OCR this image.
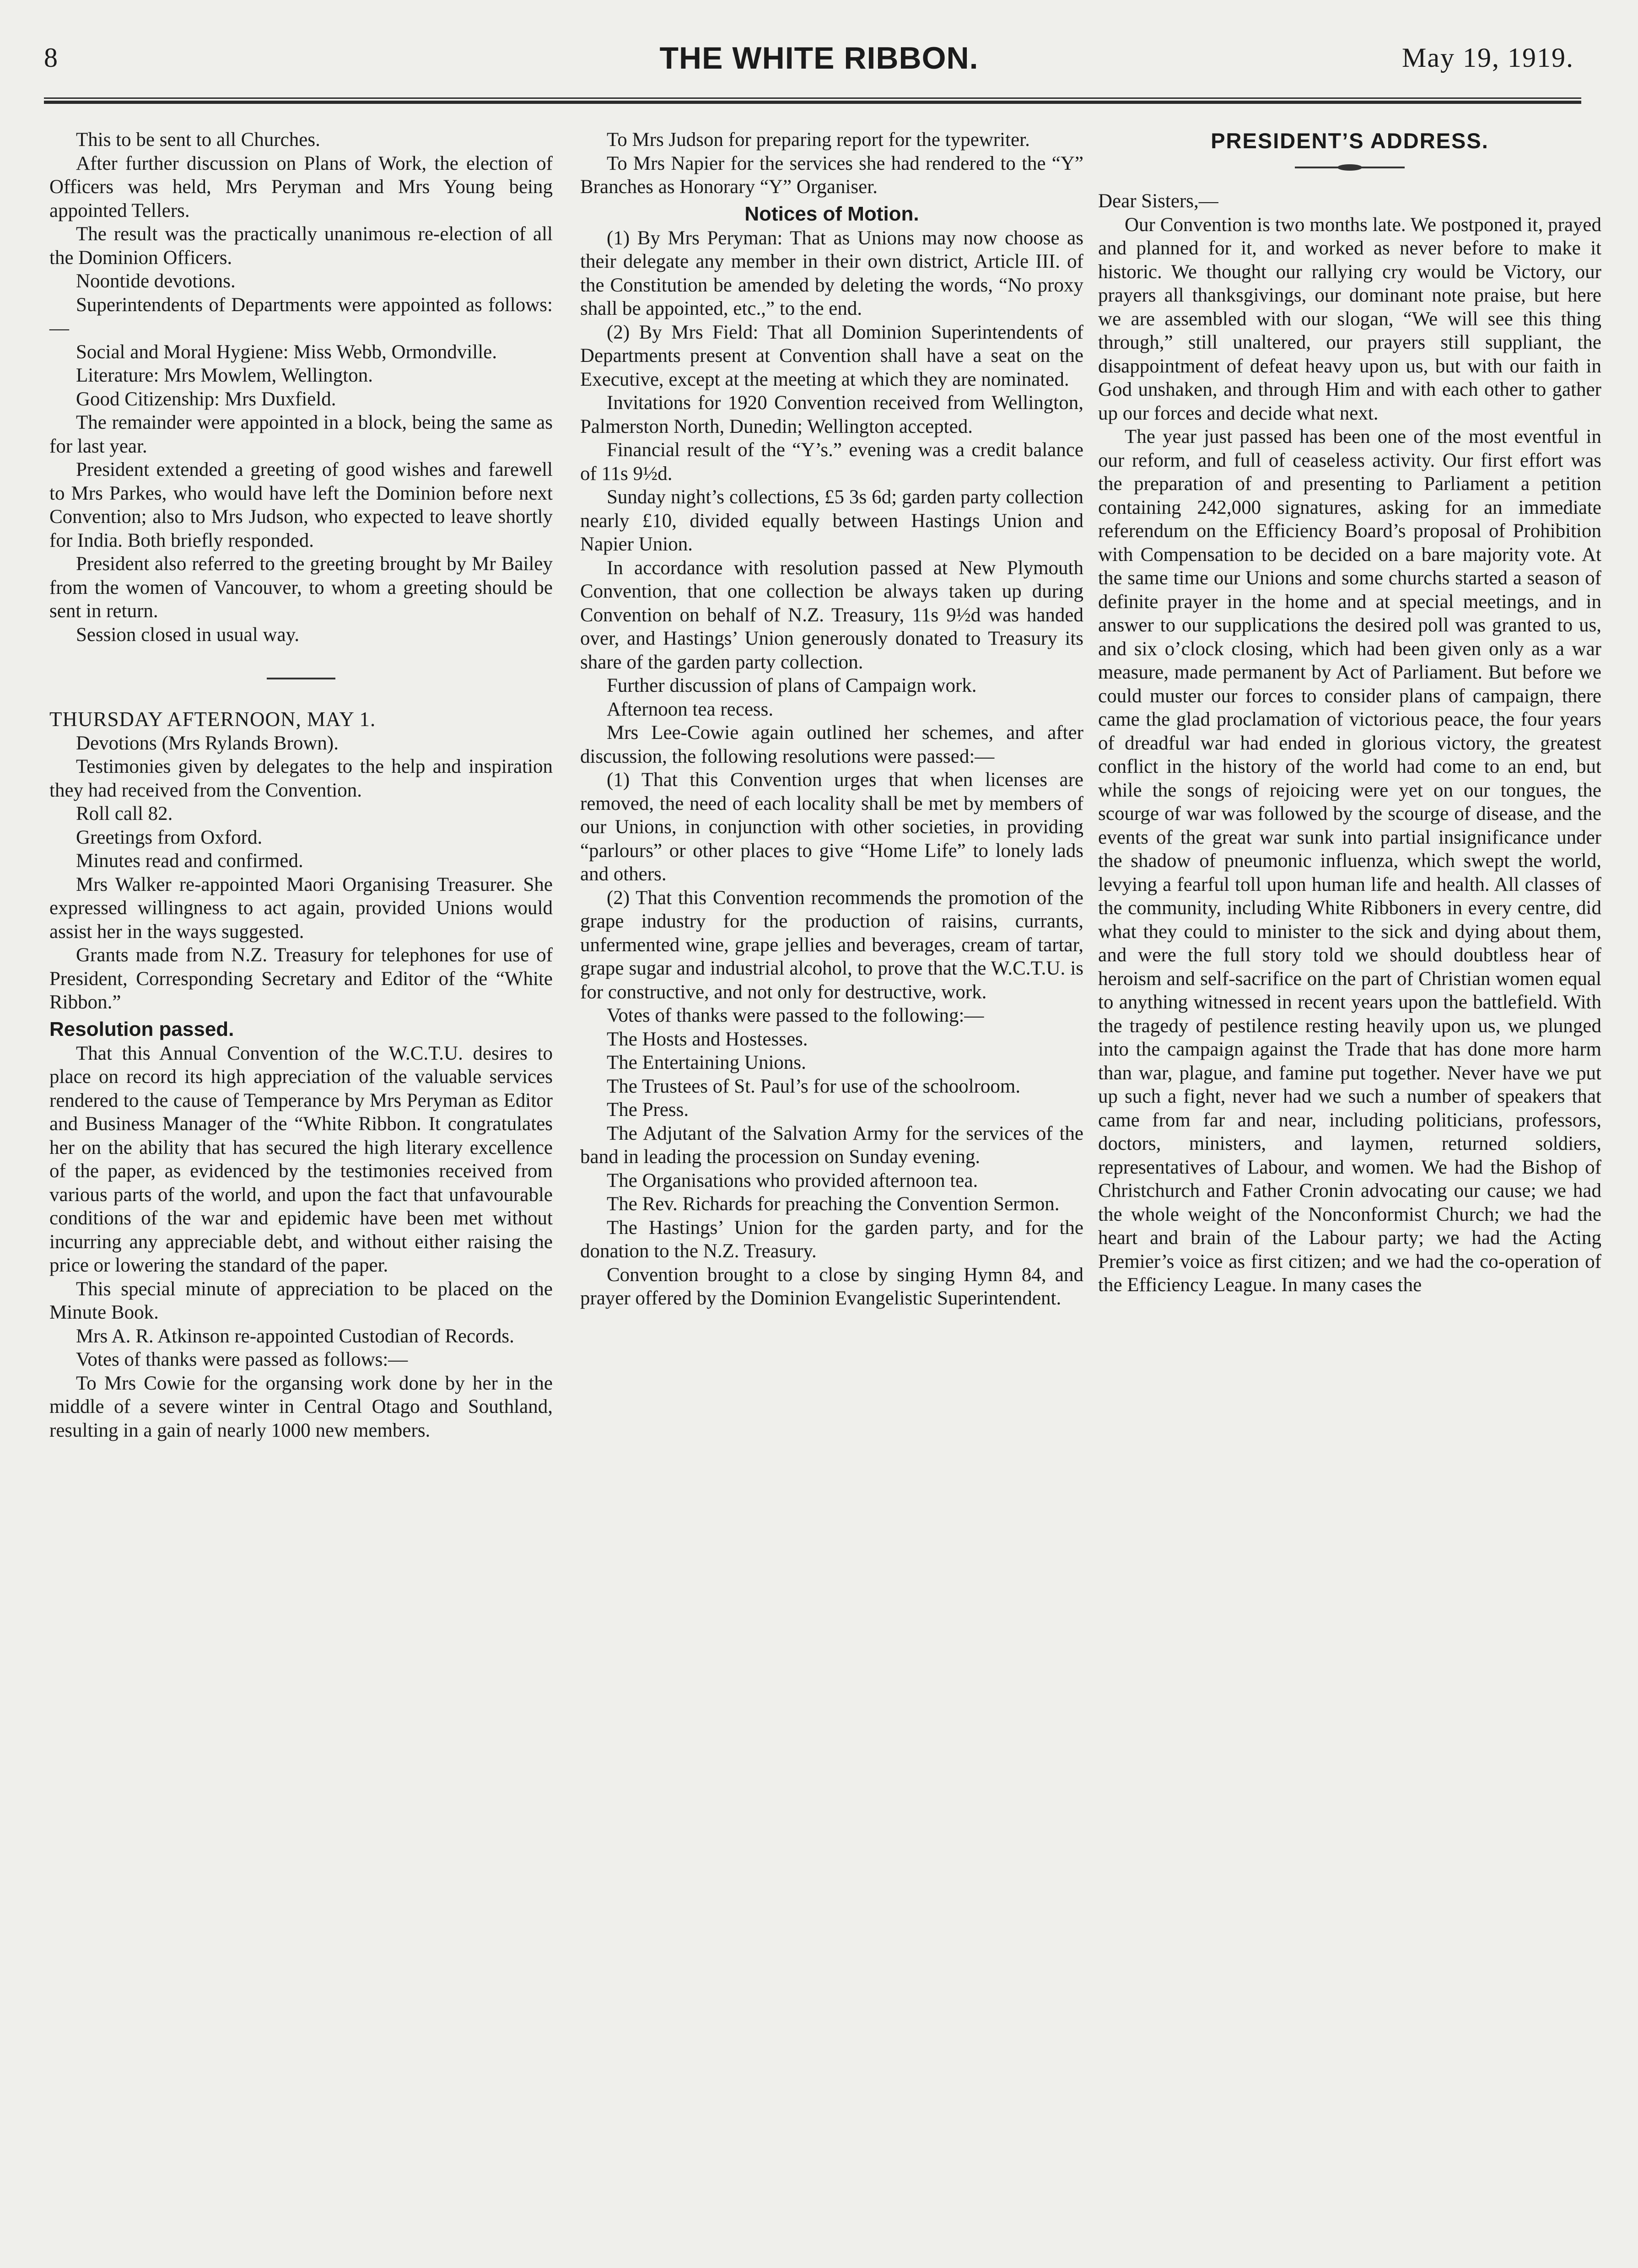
8	THE WHITE RIBBON.	May 19, 1919.

This to be sent to all Churches.

After further discussion on Plans of Work, the election of Officers was held, Mrs Peryman and Mrs Young being appointed Tellers.

The result was the practically unanimous re-election of all the Dominion Officers.

Noontide devotions.

Superintendents of Departments were appointed as follows:—

Social and Moral Hygiene: Miss Webb, Ormondville.

Literature: Mrs Mowlem, Wellington.

Good Citizenship: Mrs Duxfield.

The remainder were appointed in a block, being the same as for last year.

President extended a greeting of good wishes and farewell to Mrs Parkes, who would have left the Dominion before next Convention; also to Mrs Judson, who expected to leave shortly for India. Both briefly responded.

President also referred to the greeting brought by Mr Bailey from the women of Vancouver, to whom a greeting should be sent in return.

Session closed in usual way.

THURSDAY AFTERNOON, MAY 1.

Devotions (Mrs Rylands Brown).

Testimonies given by delegates to the help and inspiration they had received from the Convention.

Roll call 82.

Greetings from Oxford.

Minutes read and confirmed.

Mrs Walker re-appointed Maori Organising Treasurer. She expressed willingness to act again, provided Unions would assist her in the ways suggested.

Grants made from N.Z. Treasury for telephones for use of President, Corresponding Secretary and Editor of the “White Ribbon.”

Resolution passed.

That this Annual Convention of the W.C.T.U. desires to place on record its high appreciation of the valuable services rendered to the cause of Temperance by Mrs Peryman as Editor and Business Manager of the “White Ribbon. It congratulates her on the ability that has secured the high literary excellence of the paper, as evidenced by the testimonies received from various parts of the world, and upon the fact that unfavourable conditions of the war and epidemic have been met without incurring any appreciable debt, and without either raising the price or lowering the standard of the paper.

This special minute of appreciation to be placed on the Minute Book.

Mrs A. R. Atkinson re-appointed Custodian of Records.

Votes of thanks were passed as follows:—

To Mrs Cowie for the organsing work done by her in the middle of a severe winter in Central Otago and Southland, resulting in a gain of nearly 1000 new members.

To Mrs Judson for preparing report for the typewriter.

To Mrs Napier for the services she had rendered to the “Y” Branches as Honorary “Y” Organiser.

Notices of Motion.

(1) By Mrs Peryman: That as Unions may now choose as their delegate any member in their own district, Article III. of the Constitution be amended by deleting the words, “No proxy shall be appointed, etc.,” to the end.

(2) By Mrs Field: That all Dominion Superintendents of Departments present at Convention shall have a seat on the Executive, except at the meeting at which they are nominated.

Invitations for 1920 Convention received from Wellington, Palmerston North, Dunedin; Wellington accepted.

Financial result of the “Y’s.” evening was a credit balance of 11s 9½d.

Sunday night’s collections, £5 3s 6d; garden party collection nearly £10, divided equally between Hastings Union and Napier Union.

In accordance with resolution passed at New Plymouth Convention, that one collection be always taken up during Convention on behalf of N.Z. Treasury, 11s 9½d was handed over, and Hastings’ Union generously donated to Treasury its share of the garden party collection.

Further discussion of plans of Campaign work.

Afternoon tea recess.

Mrs Lee-Cowie again outlined her schemes, and after discussion, the following resolutions were passed:—

(1) That this Convention urges that when licenses are removed, the need of each locality shall be met by members of our Unions, in conjunction with other societies, in providing “parlours” or other places to give “Home Life” to lonely lads and others.

(2) That this Convention recommends the promotion of the grape industry for the production of raisins, currants, unfermented wine, grape jellies and beverages, cream of tartar, grape sugar and industrial alcohol, to prove that the W.C.T.U. is for constructive, and not only for destructive, work.

Votes of thanks were passed to the following:—

The Hosts and Hostesses.

The Entertaining Unions.

The Trustees of St. Paul’s for use of the schoolroom.

The Press.

The Adjutant of the Salvation Army for the services of the band in leading the procession on Sunday evening.

The Organisations who provided afternoon tea.

The Rev. Richards for preaching the Convention Sermon.

The Hastings’ Union for the garden party, and for the donation to the N.Z. Treasury.

Convention brought to a close by singing Hymn 84, and prayer offered by the Dominion Evangelistic Superintendent.

PRESIDENT’S ADDRESS.

Dear Sisters,—

Our Convention is two months late. We postponed it, prayed and planned for it, and worked as never before to make it historic. We thought our rallying cry would be Victory, our prayers all thanksgivings, our dominant note praise, but here we are assembled with our slogan, “We will see this thing through,” still unaltered, our prayers still suppliant, the disappointment of defeat heavy upon us, but with our faith in God unshaken, and through Him and with each other to gather up our forces and decide what next.

The year just passed has been one of the most eventful in our reform, and full of ceaseless activity. Our first effort was the preparation of and presenting to Parliament a petition containing 242,000 signatures, asking for an immediate referendum on the Efficiency Board’s proposal of Prohibition with Compensation to be decided on a bare majority vote. At the same time our Unions and some churchs started a season of definite prayer in the home and at special meetings, and in answer to our supplications the desired poll was granted to us, and six o’clock closing, which had been given only as a war measure, made permanent by Act of Parliament. But before we could muster our forces to consider plans of campaign, there came the glad proclamation of victorious peace, the four years of dreadful war had ended in glorious victory, the greatest conflict in the history of the world had come to an end, but while the songs of rejoicing were yet on our tongues, the scourge of war was followed by the scourge of disease, and the events of the great war sunk into partial insignificance under the shadow of pneumonic influenza, which swept the world, levying a fearful toll upon human life and health. All classes of the community, including White Ribboners in every centre, did what they could to minister to the sick and dying about them, and were the full story told we should doubtless hear of heroism and self-sacrifice on the part of Christian women equal to anything witnessed in recent years upon the battlefield. With the tragedy of pestilence resting heavily upon us, we plunged into the campaign against the Trade that has done more harm than war, plague, and famine put together. Never have we put up such a fight, never had we such a number of speakers that came from far and near, including politicians, professors, doctors, ministers, and laymen, returned soldiers, representatives of Labour, and women. We had the Bishop of Christchurch and Father Cronin advocating our cause; we had the whole weight of the Nonconformist Church; we had the heart and brain of the Labour party; we had the Acting Premier’s voice as first citizen; and we had the co-operation of the Efficiency League. In many cases the
